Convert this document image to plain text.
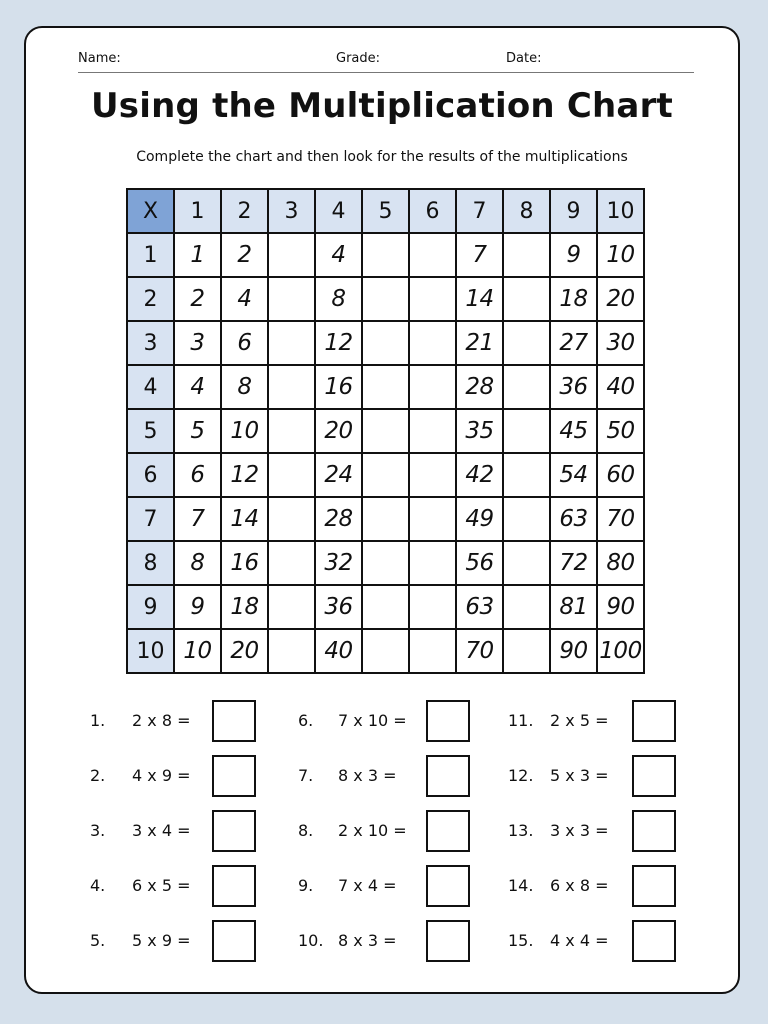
Name:	Grade:	Date:
Using the Multiplication Chart
Complete the chart and then look for the results of the multiplications
X	1	2	3	4	5	6	7	8	9	10
1	1	2		4			7		9	10
2	2	4		8			14		18	20
3	3	6		12			21		27	30
4	4	8		16			28		36	40
5	5	10		20			35		45	50
6	6	12		24			42		54	60
7	7	14		28			49		63	70
8	8	16		32			56		72	80
9	9	18		36			63		81	90
10	10	20		40			70		90	100
1. 2 x 8 =
2. 4 x 9 =
3. 3 x 4 =
4. 6 x 5 =
5. 5 x 9 =
6. 7 x 10 =
7. 8 x 3 =
8. 2 x 10 =
9. 7 x 4 =
10. 8 x 3 =
11. 2 x 5 =
12. 5 x 3 =
13. 3 x 3 =
14. 6 x 8 =
15. 4 x 4 =
